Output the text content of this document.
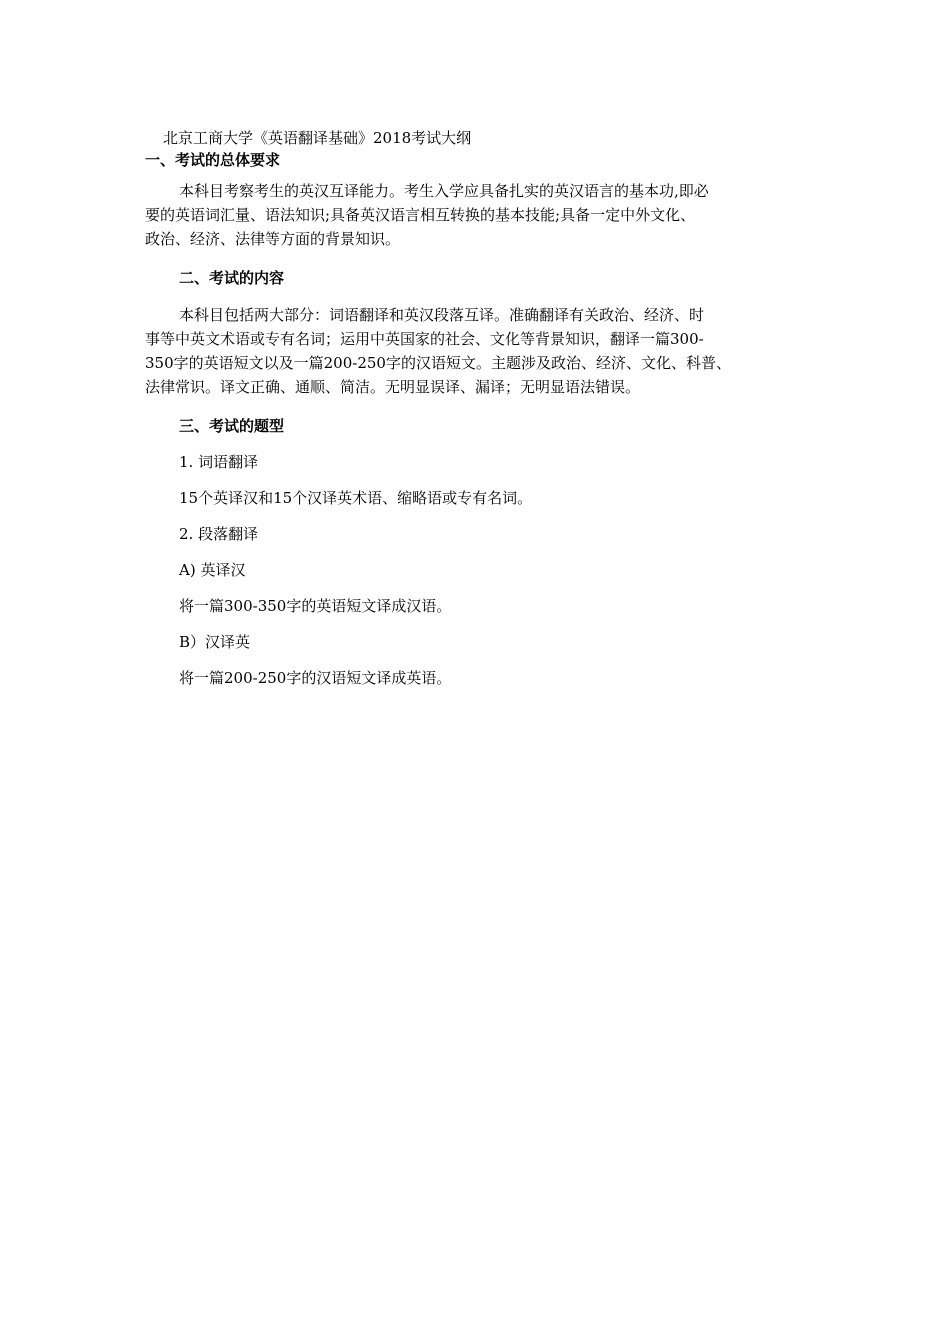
北京工商大学《英语翻译基础》2018考试大纲

一、考试的总体要求

本科目考察考生的英汉互译能力。考生入学应具备扎实的英汉语言的基本功,即必
要的英语词汇量、语法知识;具备英汉语言相互转换的基本技能;具备一定中外文化、
政治、经济、法律等方面的背景知识。

二、考试的内容

本科目包括两大部分：词语翻译和英汉段落互译。准确翻译有关政治、经济、时
事等中英文术语或专有名词；运用中英国家的社会、文化等背景知识，翻译一篇300-
350字的英语短文以及一篇200-250字的汉语短文。主题涉及政治、经济、文化、科普、
法律常识。译文正确、通顺、简洁。无明显误译、漏译；无明显语法错误。

三、考试的题型

1. 词语翻译

15个英译汉和15个汉译英术语、缩略语或专有名词。

2. 段落翻译

A) 英译汉

将一篇300-350字的英语短文译成汉语。

B）汉译英

将一篇200-250字的汉语短文译成英语。
